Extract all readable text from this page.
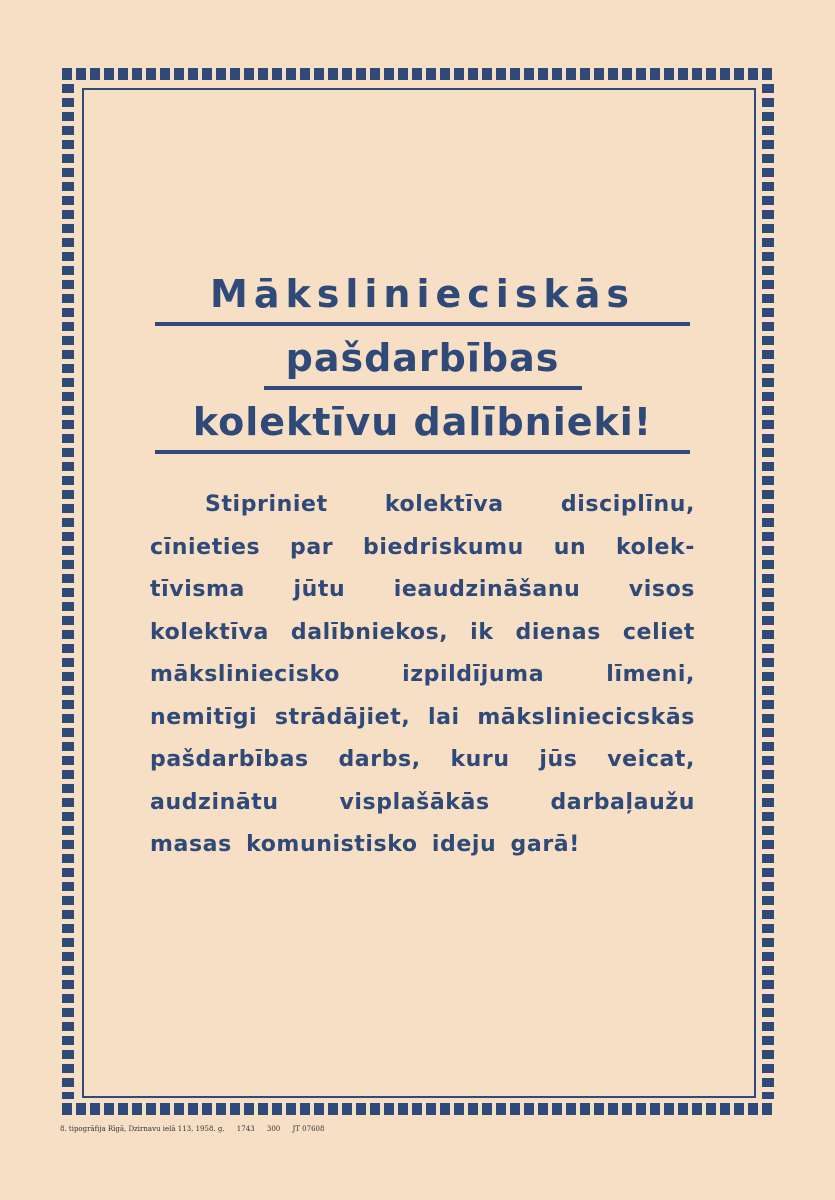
Mākslinieciskās
pašdarbības
kolektīvu dalībnieki!
Stipriniet kolektīva disciplīnu, cīnieties par biedriskumu un kolek-tīvisma jūtu ieaudzināšanu visos kolektīva dalībniekos, ik dienas celiet māksliniecisko izpildījuma līmeni, nemitīgi strādājiet, lai māksliniecicskās pašdarbības darbs, kuru jūs veicat, audzinātu visplašākās darbaļaužu masas komunistisko ideju garā!
8. tipogrāfija Rīgā, Dzirnavu ielā 113, 1958. g. 1743 300 JT 07608
